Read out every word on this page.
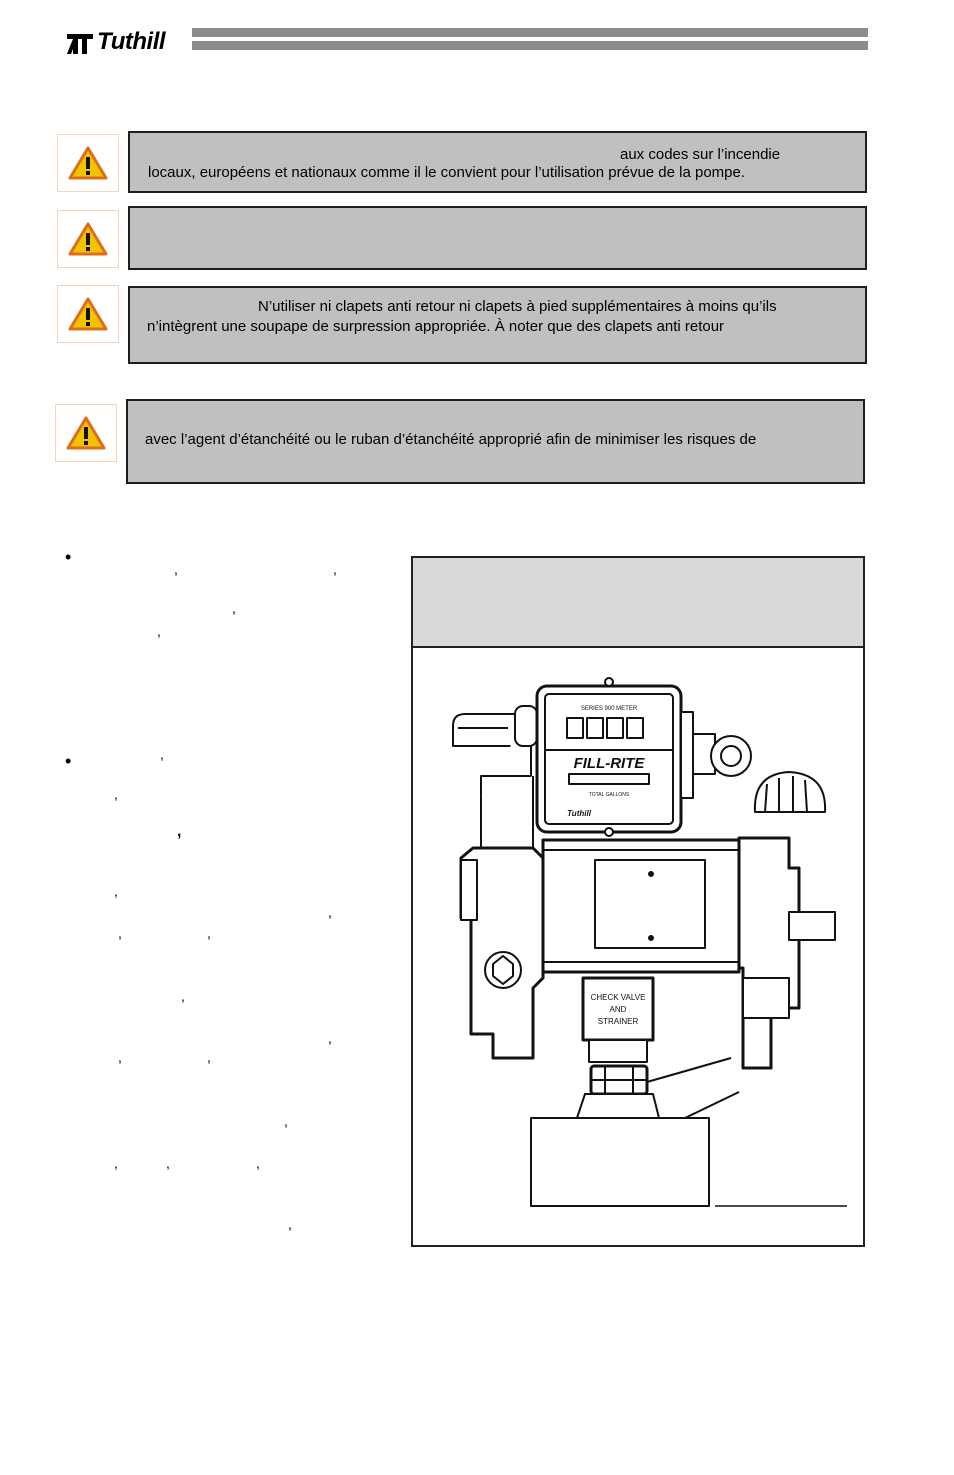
Tuthill
aux codes sur l’incendie
locaux, européens et nationaux comme il le convient pour l’utilisation prévue de la pompe.
N’utiliser ni clapets anti retour ni clapets à pied supplémentaires à moins qu’ils
n’intègrent une soupape de surpression appropriée. À noter que des clapets anti retour
avec l’agent d’étanchéité ou le ruban d’étanchéité approprié afin de minimiser les risques de
•
•
,	,
,
,
,
,
,
,
,
,	,
,
,
,	,
,
,	,	,
,
SERIES 900 METER
FILL-RITE
TOTAL GALLONS
Tuthill
CHECK VALVE
AND
STRAINER
